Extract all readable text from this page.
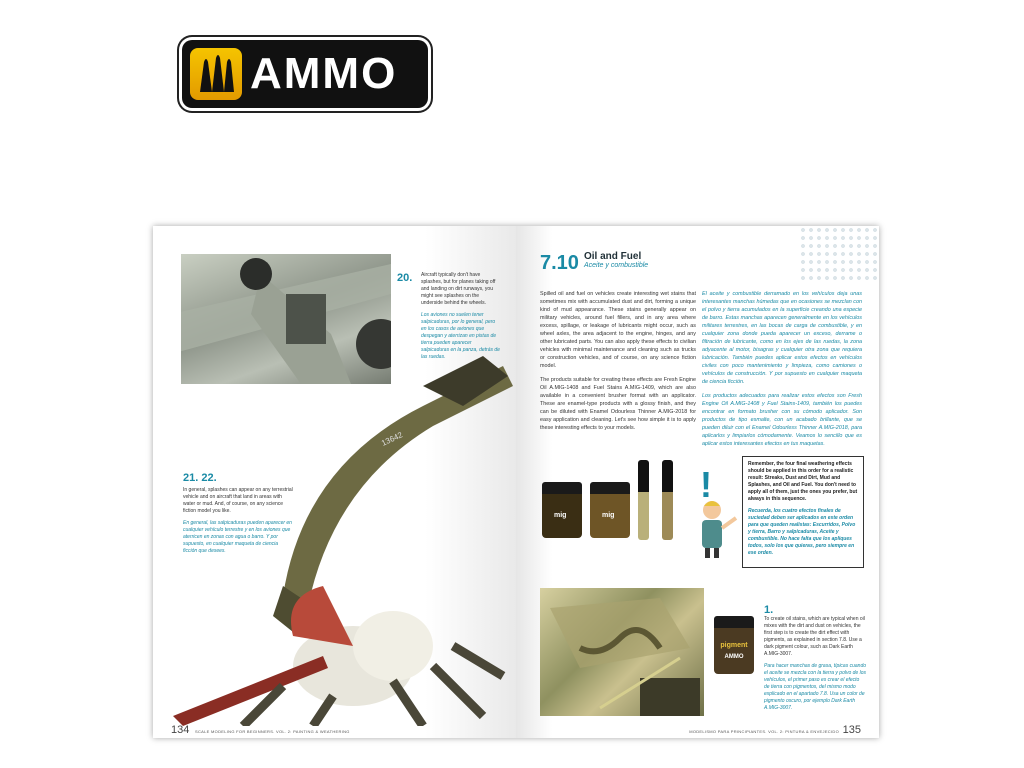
AMMO
20. Aircraft typically don't have splashes, but for planes taking off and landing on dirt runways, you might see splashes on the underside behind the wheels.

Los aviones no suelen tener salpicaduras, por lo general, pero en los casos de aviones que despegan y aterrizan en pistas de tierra pueden aparecer salpicaduras en la panza, detrás de las ruedas.

21. 22.

In general, splashes can appear on any terrestrial vehicle and on aircraft that land in areas with water or mud. And, of course, on any science fiction model you like.

En general, las salpicaduras pueden aparecer en cualquier vehículo terrestre y en los aviones que aterricen en zonas con agua o barro. Y por supuesto, en cualquier maqueta de ciencia ficción que desees.

13642
134 SCALE MODELING FOR BEGINNERS. VOL. 2: PAINTING & WEATHERING
7.10 Oil and Fuel
Aceite y combustible

Spilled oil and fuel on vehicles create interesting wet stains that sometimes mix with accumulated dust and dirt, forming a unique kind of mud appearance. These stains generally appear on military vehicles, around fuel fillers, and in any area where excess, spillage, or leakage of lubricants might occur, such as wheel axles, the area adjacent to the engine, hinges, and any other lubricated parts. You can also apply these effects to civilian vehicles with minimal maintenance and cleaning such as trucks or construction vehicles, and of course, on any science fiction model.

The products suitable for creating these effects are Fresh Engine Oil A.MIG-1408 and Fuel Stains A.MIG-1409, which are also available in a convenient brusher format with an applicator. These are enamel-type products with a glossy finish, and they can be diluted with Enamel Odourless Thinner A.MIG-2018 for easy application and cleaning. Let's see how simple it is to apply these interesting effects to your models.

El aceite y combustible derramado en los vehículos deja unas interesantes manchas húmedas que en ocasiones se mezclan con el polvo y tierra acumulados en la superficie creando una especie de barro. Estas manchas aparecen generalmente en los vehículos militares terrestres, en las bocas de carga de combustible, y en cualquier zona donde pueda aparecer un exceso, derrame o filtración de lubricante, como en los ejes de las ruedas, la zona adyacente al motor, bisagras y cualquier otra zona que requiera lubricación. También puedes aplicar estos efectos en vehículos civiles con poco mantenimiento y limpieza, como camiones o vehículos de construcción. Y por supuesto en cualquier maqueta de ciencia ficción.

Los productos adecuados para realizar estos efectos son Fresh Engine Oil A.MIG-1408 y Fuel Stains-1409, también los puedes encontrar en formato brusher con su cómodo aplicador. Son productos de tipo esmalte, con un acabado brillante, que se pueden diluir con el Enamel Odourless Thinner A.MIG-2018, para aplicarlos y limpiarlos cómodamente. Veamos lo sencillo que es aplicar estos interesantes efectos en tus maquetas.

mig	mig
!	Remember, the four final weathering effects should be applied in this order for a realistic result: Streaks, Dust and Dirt, Mud and Splashes, and Oil and Fuel. You don't need to apply all of them, just the ones you prefer, but always in this sequence.

Recuerda, los cuatro efectos finales de suciedad deben ser aplicados en este orden para que queden realistas: Escurridos, Polvo y tierra, Barro y salpicaduras, Aceite y combustible. No hace falta que los apliques todos, solo los que quieras, pero siempre en ese orden.

pigment
AMMO
1.

To create oil stains, which are typical when oil mixes with the dirt and dust on vehicles, the first step is to create the dirt effect with pigments, as explained in section 7.8. Use a dark pigment colour, such as Dark Earth A.MIG-3007.

Para hacer manchas de grasa, típicas cuando el aceite se mezcla con la tierra y polvo de los vehículos, el primer paso es crear el efecto de tierra con pigmentos, del mismo modo explicado en el apartado 7.8. Usa un color de pigmento oscuro, por ejemplo Dark Earth A.MIG-3007.

MODELISMO PARA PRINCIPIANTES. VOL. 2: PINTURA & ENVEJECIDO 135
